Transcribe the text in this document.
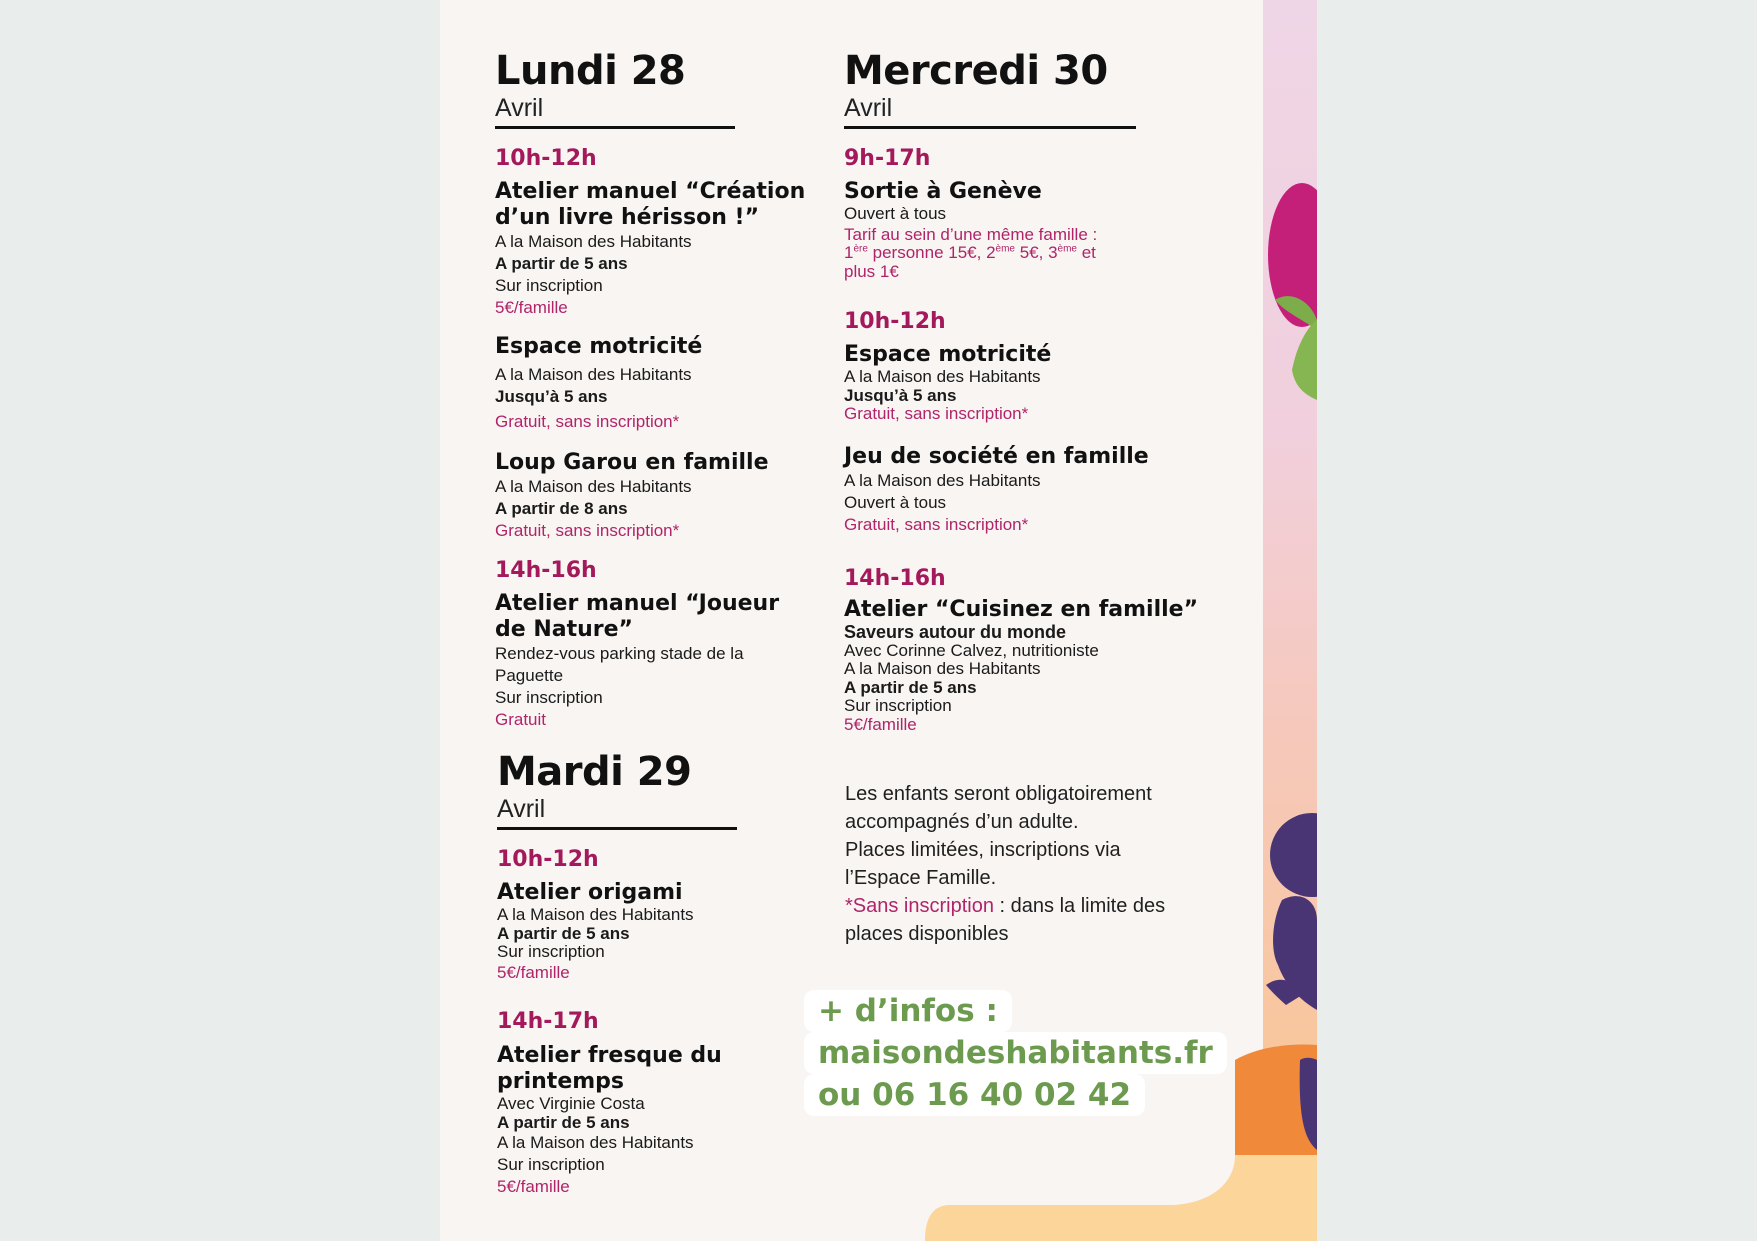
Lundi 28
Avril
10h-12h
Atelier manuel “Création
d’un livre hérisson !”
A la Maison des Habitants
A partir de 5 ans
Sur inscription
5€/famille
Espace motricité
A la Maison des Habitants
Jusqu’à 5 ans
Gratuit, sans inscription*
Loup Garou en famille
A la Maison des Habitants
A partir de 8 ans
Gratuit, sans inscription*
14h-16h
Atelier manuel “Joueur
de Nature”
Rendez-vous parking stade de la
Paguette
Sur inscription
Gratuit
Mardi 29
Avril
10h-12h
Atelier origami
A la Maison des Habitants
A partir de 5 ans
Sur inscription
5€/famille
14h-17h
Atelier fresque du
printemps
Avec Virginie Costa
A partir de 5 ans
A la Maison des Habitants
Sur inscription
5€/famille
Mercredi 30
Avril
9h-17h
Sortie à Genève
Ouvert à tous
Tarif au sein d’une même famille :
1ère personne 15€, 2ème 5€, 3ème et
plus 1€
10h-12h
Espace motricité
A la Maison des Habitants
Jusqu’à 5 ans
Gratuit, sans inscription*
Jeu de société en famille
A la Maison des Habitants
Ouvert à tous
Gratuit, sans inscription*
14h-16h
Atelier “Cuisinez en famille”
Saveurs autour du monde
Avec Corinne Calvez, nutritioniste
A la Maison des Habitants
A partir de 5 ans
Sur inscription
5€/famille
Les enfants seront obligatoirement
accompagnés d’un adulte.
Places limitées, inscriptions via
l’Espace Famille.
*Sans inscription : dans la limite des
places disponibles
+ d’infos :
maisondeshabitants.fr
ou 06 16 40 02 42
